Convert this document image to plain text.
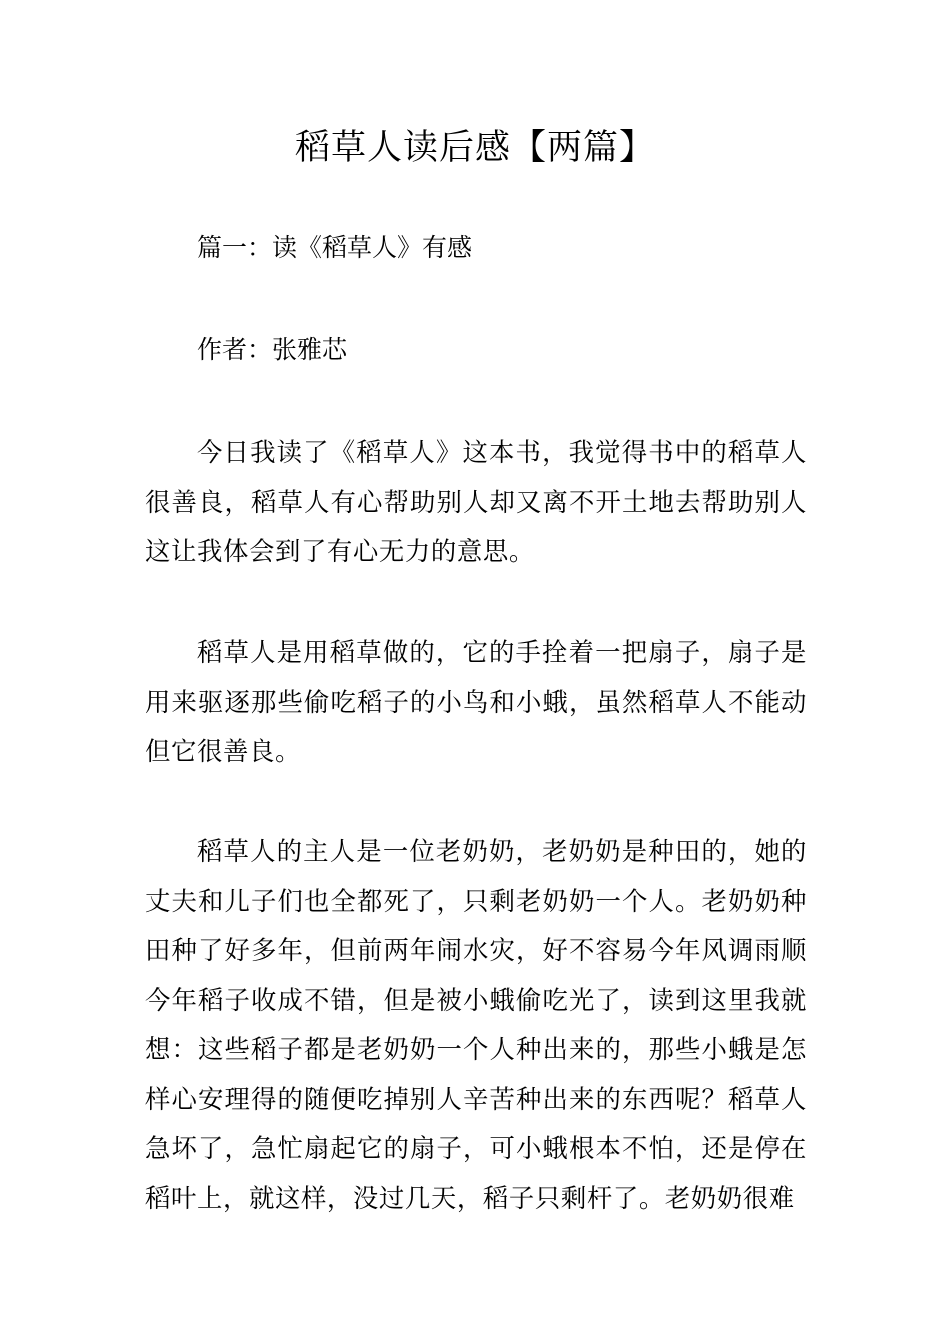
稻草人读后感【两篇】

篇一：读《稻草人》有感

作者：张雅芯

今日我读了《稻草人》这本书，我觉得书中的稻草人很善良，稻草人有心帮助别人却又离不开土地去帮助别人这让我体会到了有心无力的意思。

稻草人是用稻草做的，它的手拴着一把扇子，扇子是用来驱逐那些偷吃稻子的小鸟和小蛾，虽然稻草人不能动但它很善良。

稻草人的主人是一位老奶奶，老奶奶是种田的，她的丈夫和儿子们也全都死了，只剩老奶奶一个人。老奶奶种田种了好多年，但前两年闹水灾，好不容易今年风调雨顺今年稻子收成不错，但是被小蛾偷吃光了，读到这里我就想：这些稻子都是老奶奶一个人种出来的，那些小蛾是怎样心安理得的随便吃掉别人辛苦种出来的东西呢？稻草人急坏了，急忙扇起它的扇子，可小蛾根本不怕，还是停在稻叶上，就这样，没过几天，稻子只剩杆了。老奶奶很难
